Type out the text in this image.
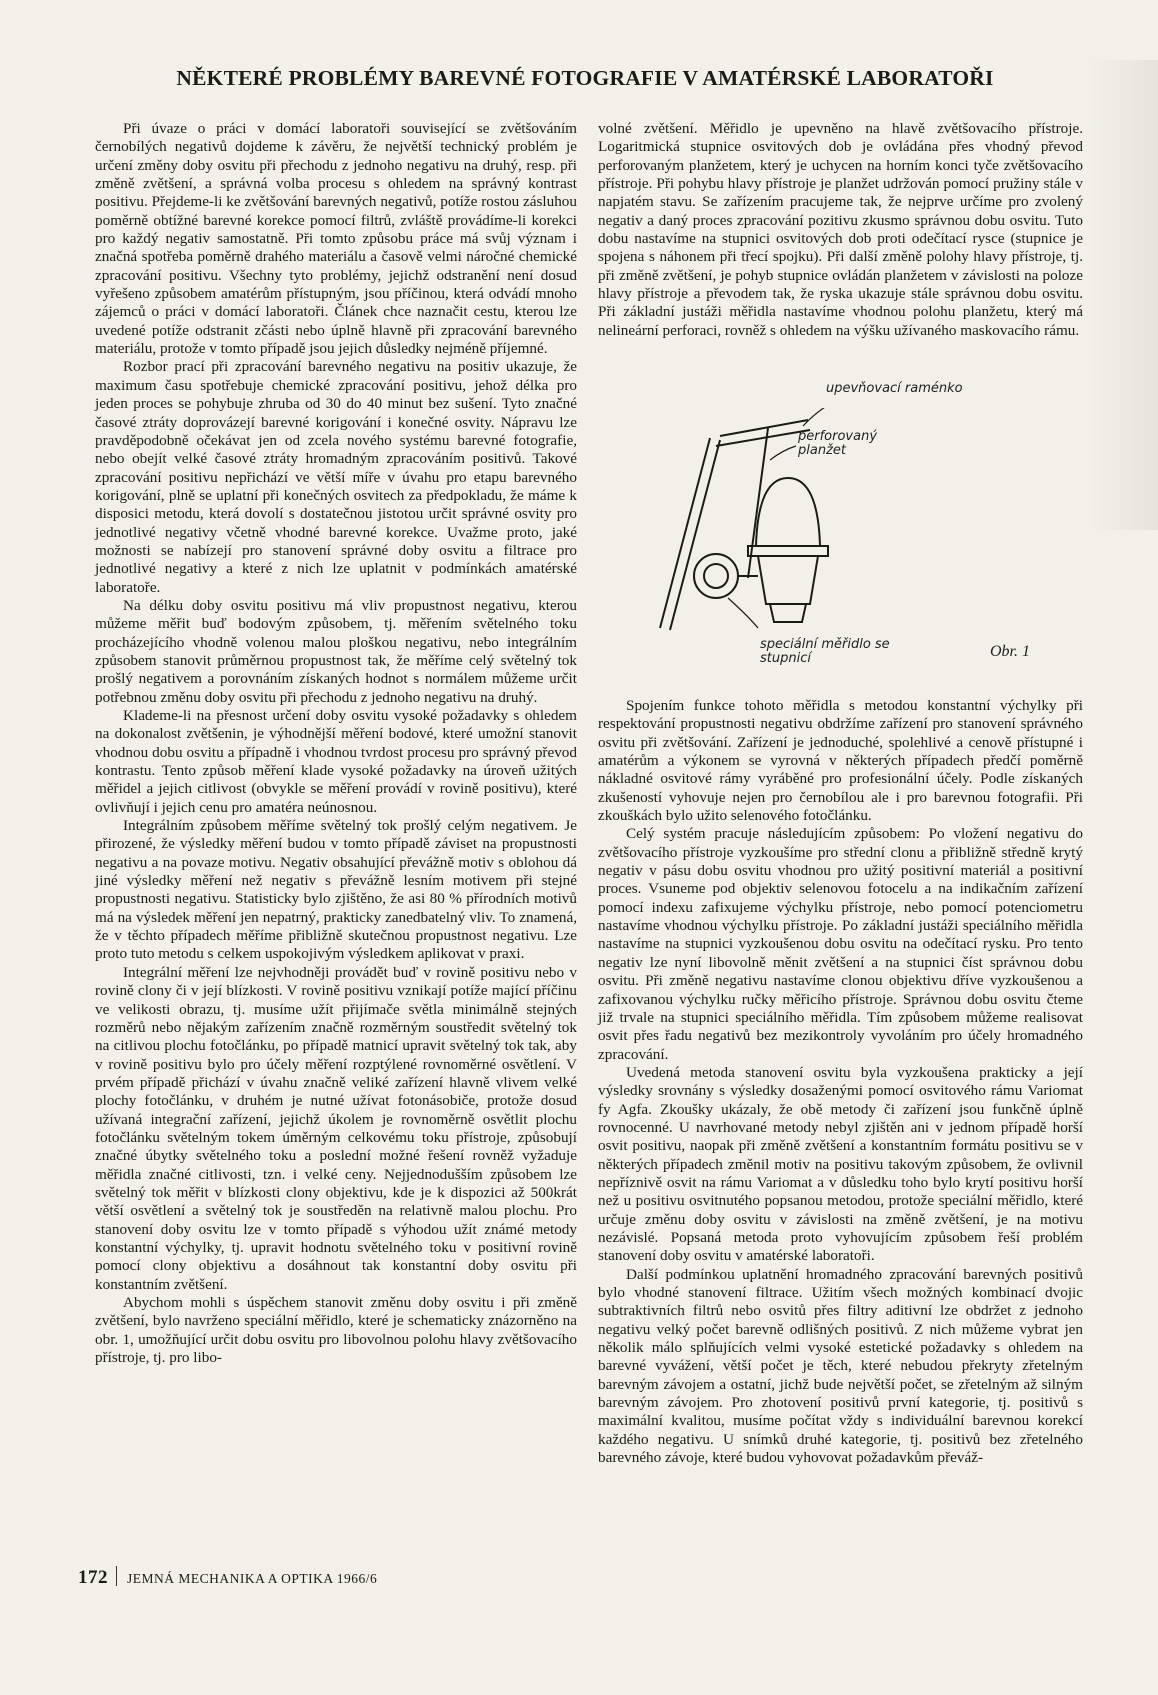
NĚKTERÉ PROBLÉMY BAREVNÉ FOTOGRAFIE V AMATÉRSKÉ LABORATOŘI

Při úvaze o práci v domácí laboratoři související se zvětšováním černobílých negativů dojdeme k závěru, že největší technický problém je určení změny doby osvitu při přechodu z jednoho negativu na druhý, resp. při změně zvětšení, a správná volba procesu s ohledem na správný kontrast positivu. Přejdeme-li ke zvětšování barevných negativů, potíže rostou zásluhou poměrně obtížné barevné korekce pomocí filtrů, zvláště provádíme-li korekci pro každý negativ samostatně. Při tomto způsobu práce má svůj význam i značná spotřeba poměrně drahého materiálu a časově velmi náročné chemické zpracování positivu. Všechny tyto problémy, jejichž odstranění není dosud vyřešeno způsobem amatérům přístupným, jsou příčinou, která odvádí mnoho zájemců o práci v domácí laboratoři. Článek chce naznačit cestu, kterou lze uvedené potíže odstranit zčásti nebo úplně hlavně při zpracování barevného materiálu, protože v tomto případě jsou jejich důsledky nejméně příjemné.

Rozbor prací při zpracování barevného negativu na positiv ukazuje, že maximum času spotřebuje chemické zpracování positivu, jehož délka pro jeden proces se pohybuje zhruba od 30 do 40 minut bez sušení. Tyto značné časové ztráty doprovázejí barevné korigování i konečné osvity. Nápravu lze pravděpodobně očekávat jen od zcela nového systému barevné fotografie, nebo obejít velké časové ztráty hromadným zpracováním positivů. Takové zpracování positivu nepřichází ve větší míře v úvahu pro etapu barevného korigování, plně se uplatní při konečných osvitech za předpokladu, že máme k disposici metodu, která dovolí s dostatečnou jistotou určit správné osvity pro jednotlivé negativy včetně vhodné barevné korekce. Uvažme proto, jaké možnosti se nabízejí pro stanovení správné doby osvitu a filtrace pro jednotlivé negativy a které z nich lze uplatnit v podmínkách amatérské laboratoře.

Na délku doby osvitu positivu má vliv propustnost negativu, kterou můžeme měřit buď bodovým způsobem, tj. měřením světelného toku procházejícího vhodně volenou malou ploškou negativu, nebo integrálním způsobem stanovit průměrnou propustnost tak, že měříme celý světelný tok prošlý negativem a porovnáním získaných hodnot s normálem můžeme určit potřebnou změnu doby osvitu při přechodu z jednoho negativu na druhý.

Klademe-li na přesnost určení doby osvitu vysoké požadavky s ohledem na dokonalost zvětšenin, je výhodnější měření bodové, které umožní stanovit vhodnou dobu osvitu a případně i vhodnou tvrdost procesu pro správný převod kontrastu. Tento způsob měření klade vysoké požadavky na úroveň užitých měřidel a jejich citlivost (obvykle se měření provádí v rovině positivu), které ovlivňují i jejich cenu pro amatéra neúnosnou.

Integrálním způsobem měříme světelný tok prošlý celým negativem. Je přirozené, že výsledky měření budou v tomto případě záviset na propustnosti negativu a na povaze motivu. Negativ obsahující převážně motiv s oblohou dá jiné výsledky měření než negativ s převážně lesním motivem při stejné propustnosti negativu. Statisticky bylo zjištěno, že asi 80 % přírodních motivů má na výsledek měření jen nepatrný, prakticky zanedbatelný vliv. To znamená, že v těchto případech měříme přibližně skutečnou propustnost negativu. Lze proto tuto metodu s celkem uspokojivým výsledkem aplikovat v praxi.

Integrální měření lze nejvhodněji provádět buď v rovině positivu nebo v rovině clony či v její blízkosti. V rovině positivu vznikají potíže mající příčinu ve velikosti obrazu, tj. musíme užít přijímače světla minimálně stejných rozměrů nebo nějakým zařízením značně rozměrným soustředit světelný tok na citlivou plochu fotočlánku, po případě matnicí upravit světelný tok tak, aby v rovině positivu bylo pro účely měření rozptýlené rovnoměrné osvětlení. V prvém případě přichází v úvahu značně veliké zařízení hlavně vlivem velké plochy fotočlánku, v druhém je nutné užívat fotonásobiče, protože dosud užívaná integrační zařízení, jejichž úkolem je rovnoměrně osvětlit plochu fotočlánku světelným tokem úměrným celkovému toku přístroje, způsobují značné úbytky světelného toku a poslední možné řešení rovněž vyžaduje měřidla značné citlivosti, tzn. i velké ceny. Nejjednodušším způsobem lze světelný tok měřit v blízkosti clony objektivu, kde je k dispozici až 500krát větší osvětlení a světelný tok je soustředěn na relativně malou plochu. Pro stanovení doby osvitu lze v tomto případě s výhodou užít známé metody konstantní výchylky, tj. upravit hodnotu světelného toku v positivní rovině pomocí clony objektivu a dosáhnout tak konstantní doby osvitu při konstantním zvětšení.

Abychom mohli s úspěchem stanovit změnu doby osvitu i při změně zvětšení, bylo navrženo speciální měřidlo, které je schematicky znázorněno na obr. 1, umožňující určit dobu osvitu pro libovolnou polohu hlavy zvětšovacího přístroje, tj. pro libo-

volné zvětšení. Měřidlo je upevněno na hlavě zvětšovacího přístroje. Logaritmická stupnice osvitových dob je ovládána přes vhodný převod perforovaným planžetem, který je uchycen na horním konci tyče zvětšovacího přístroje. Při pohybu hlavy přístroje je planžet udržován pomocí pružiny stále v napjatém stavu. Se zařízením pracujeme tak, že nejprve určíme pro zvolený negativ a daný proces zpracování pozitivu zkusmo správnou dobu osvitu. Tuto dobu nastavíme na stupnici osvitových dob proti odečítací rysce (stupnice je spojena s náhonem při třecí spojku). Při další změně polohy hlavy přístroje, tj. při změně zvětšení, je pohyb stupnice ovládán planžetem v závislosti na poloze hlavy přístroje a převodem tak, že ryska ukazuje stále správnou dobu osvitu. Při základní justáži měřidla nastavíme vhodnou polohu planžetu, který má nelineární perforaci, rovněž s ohledem na výšku užívaného maskovacího rámu.

upevňovací raménko
perforovaný planžet
speciální měřidlo se stupnicí	Obr. 1

Spojením funkce tohoto měřidla s metodou konstantní výchylky při respektování propustnosti negativu obdržíme zařízení pro stanovení správného osvitu při zvětšování. Zařízení je jednoduché, spolehlivé a cenově přístupné i amatérům a výkonem se vyrovná v některých případech předčí poměrně nákladné osvitové rámy vyráběné pro profesionální účely. Podle získaných zkušeností vyhovuje nejen pro černobílou ale i pro barevnou fotografii. Při zkouškách bylo užito selenového fotočlánku.

Celý systém pracuje následujícím způsobem: Po vložení negativu do zvětšovacího přístroje vyzkoušíme pro střední clonu a přibližně středně krytý negativ v pásu dobu osvitu vhodnou pro užitý positivní materiál a positivní proces. Vsuneme pod objektiv selenovou fotocelu a na indikačním zařízení pomocí indexu zafixujeme výchylku přístroje, nebo pomocí potenciometru nastavíme vhodnou výchylku přístroje. Po základní justáži speciálního měřidla nastavíme na stupnici vyzkoušenou dobu osvitu na odečítací rysku. Pro tento negativ lze nyní libovolně měnit zvětšení a na stupnici číst správnou dobu osvitu. Při změně negativu nastavíme clonou objektivu dříve vyzkoušenou a zafixovanou výchylku ručky měřicího přístroje. Správnou dobu osvitu čteme již trvale na stupnici speciálního měřidla. Tím způsobem můžeme realisovat osvit přes řadu negativů bez mezikontroly vyvoláním pro účely hromadného zpracování.

Uvedená metoda stanovení osvitu byla vyzkoušena prakticky a její výsledky srovnány s výsledky dosaženými pomocí osvitového rámu Variomat fy Agfa. Zkoušky ukázaly, že obě metody či zařízení jsou funkčně úplně rovnocenné. U navrhované metody nebyl zjištěn ani v jednom případě horší osvit positivu, naopak při změně zvětšení a konstantním formátu positivu se v některých případech změnil motiv na positivu takovým způsobem, že ovlivnil nepříznivě osvit na rámu Variomat a v důsledku toho bylo krytí positivu horší než u positivu osvitnutého popsanou metodou, protože speciální měřidlo, které určuje změnu doby osvitu v závislosti na změně zvětšení, je na motivu nezávislé. Popsaná metoda proto vyhovujícím způsobem řeší problém stanovení doby osvitu v amatérské laboratoři.

Další podmínkou uplatnění hromadného zpracování barevných positivů bylo vhodné stanovení filtrace. Užitím všech možných kombinací dvojic subtraktivních filtrů nebo osvitů přes filtry aditivní lze obdržet z jednoho negativu velký počet barevně odlišných positivů. Z nich můžeme vybrat jen několik málo splňujících velmi vysoké estetické požadavky s ohledem na barevné vyvážení, větší počet je těch, které nebudou překryty zřetelným barevným závojem a ostatní, jichž bude největší počet, se zřetelným až silným barevným závojem. Pro zhotovení positivů první kategorie, tj. positivů s maximální kvalitou, musíme počítat vždy s individuální barevnou korekcí každého negativu. U snímků druhé kategorie, tj. positivů bez zřetelného barevného závoje, které budou vyhovovat požadavkům převáž-

172 JEMNÁ MECHANIKA A OPTIKA 1966/6
